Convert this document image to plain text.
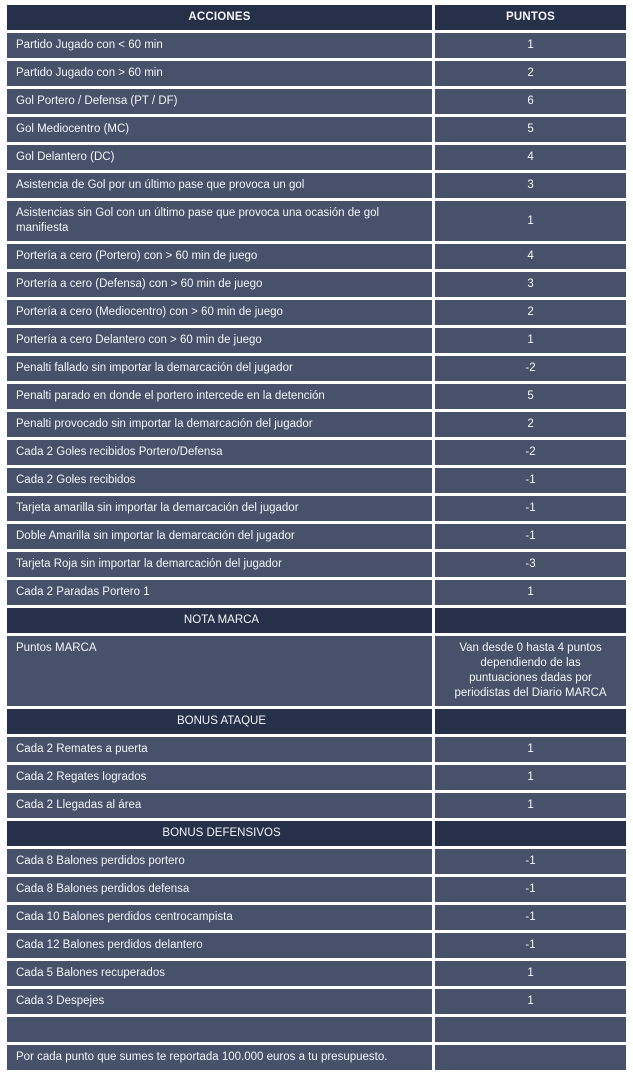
ACCIONES	PUNTOS
Partido Jugado con < 60 min	1
Partido Jugado con > 60 min	2
Gol Portero / Defensa (PT / DF)	6
Gol Mediocentro (MC)	5
Gol Delantero (DC)	4
Asistencia de Gol por un último pase que provoca un gol	3
Asistencias sin Gol con un último pase que provoca una ocasión de gol manifiesta	1
Portería a cero (Portero) con > 60 min de juego	4
Portería a cero (Defensa) con > 60 min de juego	3
Portería a cero (Mediocentro) con > 60 min de juego	2
Portería a cero Delantero con > 60 min de juego	1
Penalti fallado sin importar la demarcación del jugador	-2
Penalti parado en donde el portero intercede en la detención	5
Penalti provocado sin importar la demarcación del jugador	2
Cada 2 Goles recibidos Portero/Defensa	-2
Cada 2 Goles recibidos	-1
Tarjeta amarilla sin importar la demarcación del jugador	-1
Doble Amarilla sin importar la demarcación del jugador	-1
Tarjeta Roja sin importar la demarcación del jugador	-3
Cada 2 Paradas Portero 1	1
NOTA MARCA	
Puntos MARCA	Van desde 0 hasta 4 puntos dependiendo de las puntuaciones dadas por periodistas del Diario MARCA
BONUS ATAQUE	
Cada 2 Remates a puerta	1
Cada 2 Regates logrados	1
Cada 2 Llegadas al área	1
BONUS DEFENSIVOS	
Cada 8 Balones perdidos portero	-1
Cada 8 Balones perdidos defensa	-1
Cada 10 Balones perdidos centrocampista	-1
Cada 12 Balones perdidos delantero	-1
Cada 5 Balones recuperados	1
Cada 3 Despejes	1

Por cada punto que sumes te reportada 100.000 euros a tu presupuesto.	
